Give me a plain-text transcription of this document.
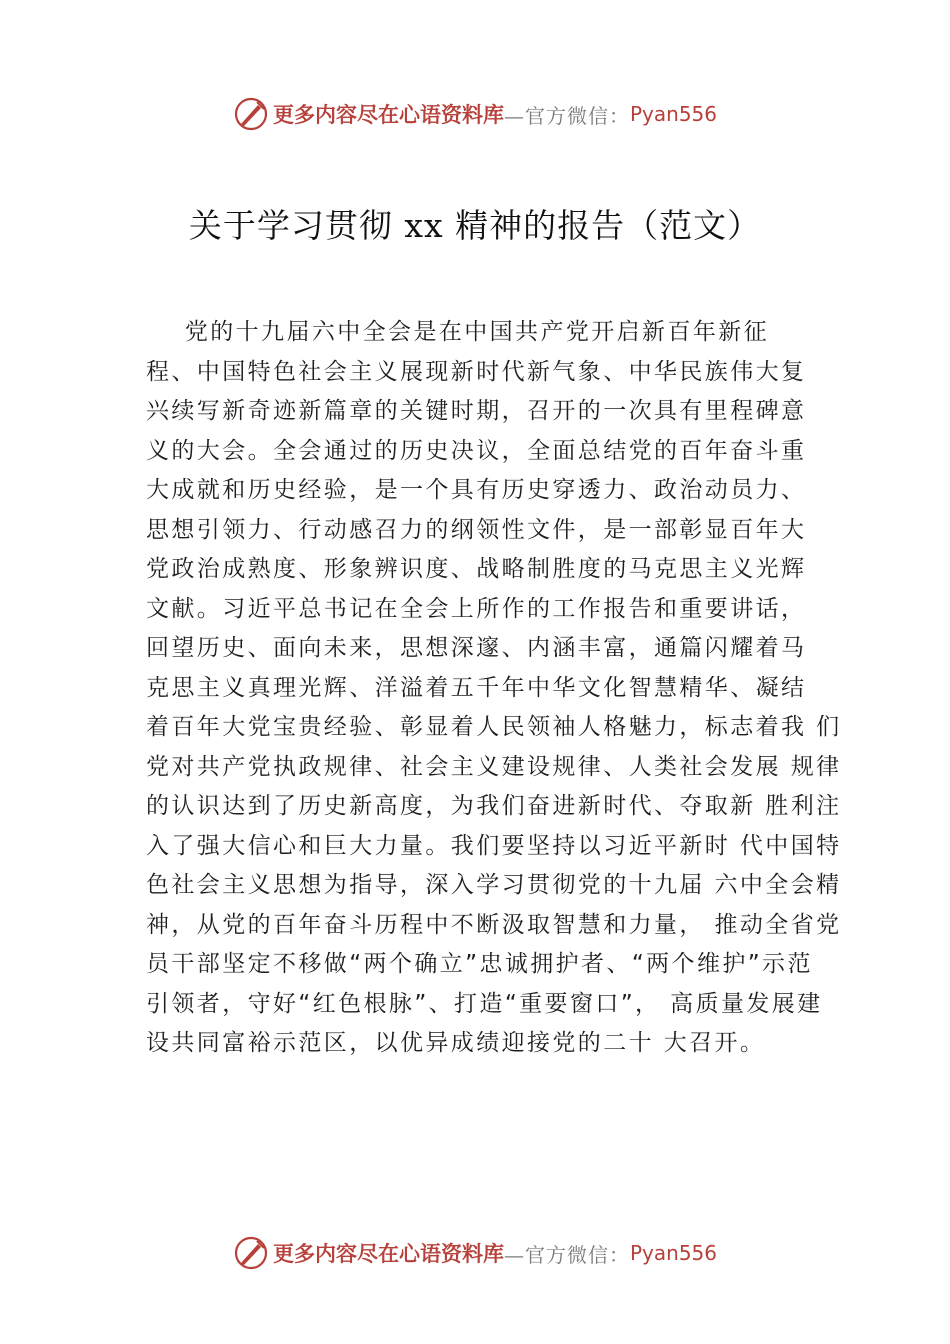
更多内容尽在心语资料库 —官方微信： Pyan556
关于学习贯彻 xx 精神的报告（范文）
党的十九届六中全会是在中国共产党开启新百年新征
程、中国特色社会主义展现新时代新气象、中华民族伟大复
兴续写新奇迹新篇章的关键时期，召开的一次具有里程碑意
义的大会。全会通过的历史决议，全面总结党的百年奋斗重
大成就和历史经验，是一个具有历史穿透力、政治动员力、
思想引领力、行动感召力的纲领性文件，是一部彰显百年大
党政治成熟度、形象辨识度、战略制胜度的马克思主义光辉
文献。习近平总书记在全会上所作的工作报告和重要讲话，
回望历史、面向未来，思想深邃、内涵丰富，通篇闪耀着马
克思主义真理光辉、洋溢着五千年中华文化智慧精华、凝结
着百年大党宝贵经验、彰显着人民领袖人格魅力，标志着我 们
党对共产党执政规律、社会主义建设规律、人类社会发展 规律
的认识达到了历史新高度，为我们奋进新时代、夺取新 胜利注
入了强大信心和巨大力量。我们要坚持以习近平新时 代中国特
色社会主义思想为指导，深入学习贯彻党的十九届 六中全会精
神，从党的百年奋斗历程中不断汲取智慧和力量， 推动全省党
员干部坚定不移做“两个确立”忠诚拥护者、“两个维护”示范
引领者，守好“红色根脉”、打造“重要窗口”， 高质量发展建
设共同富裕示范区，以优异成绩迎接党的二十 大召开。
更多内容尽在心语资料库 —官方微信： Pyan556
